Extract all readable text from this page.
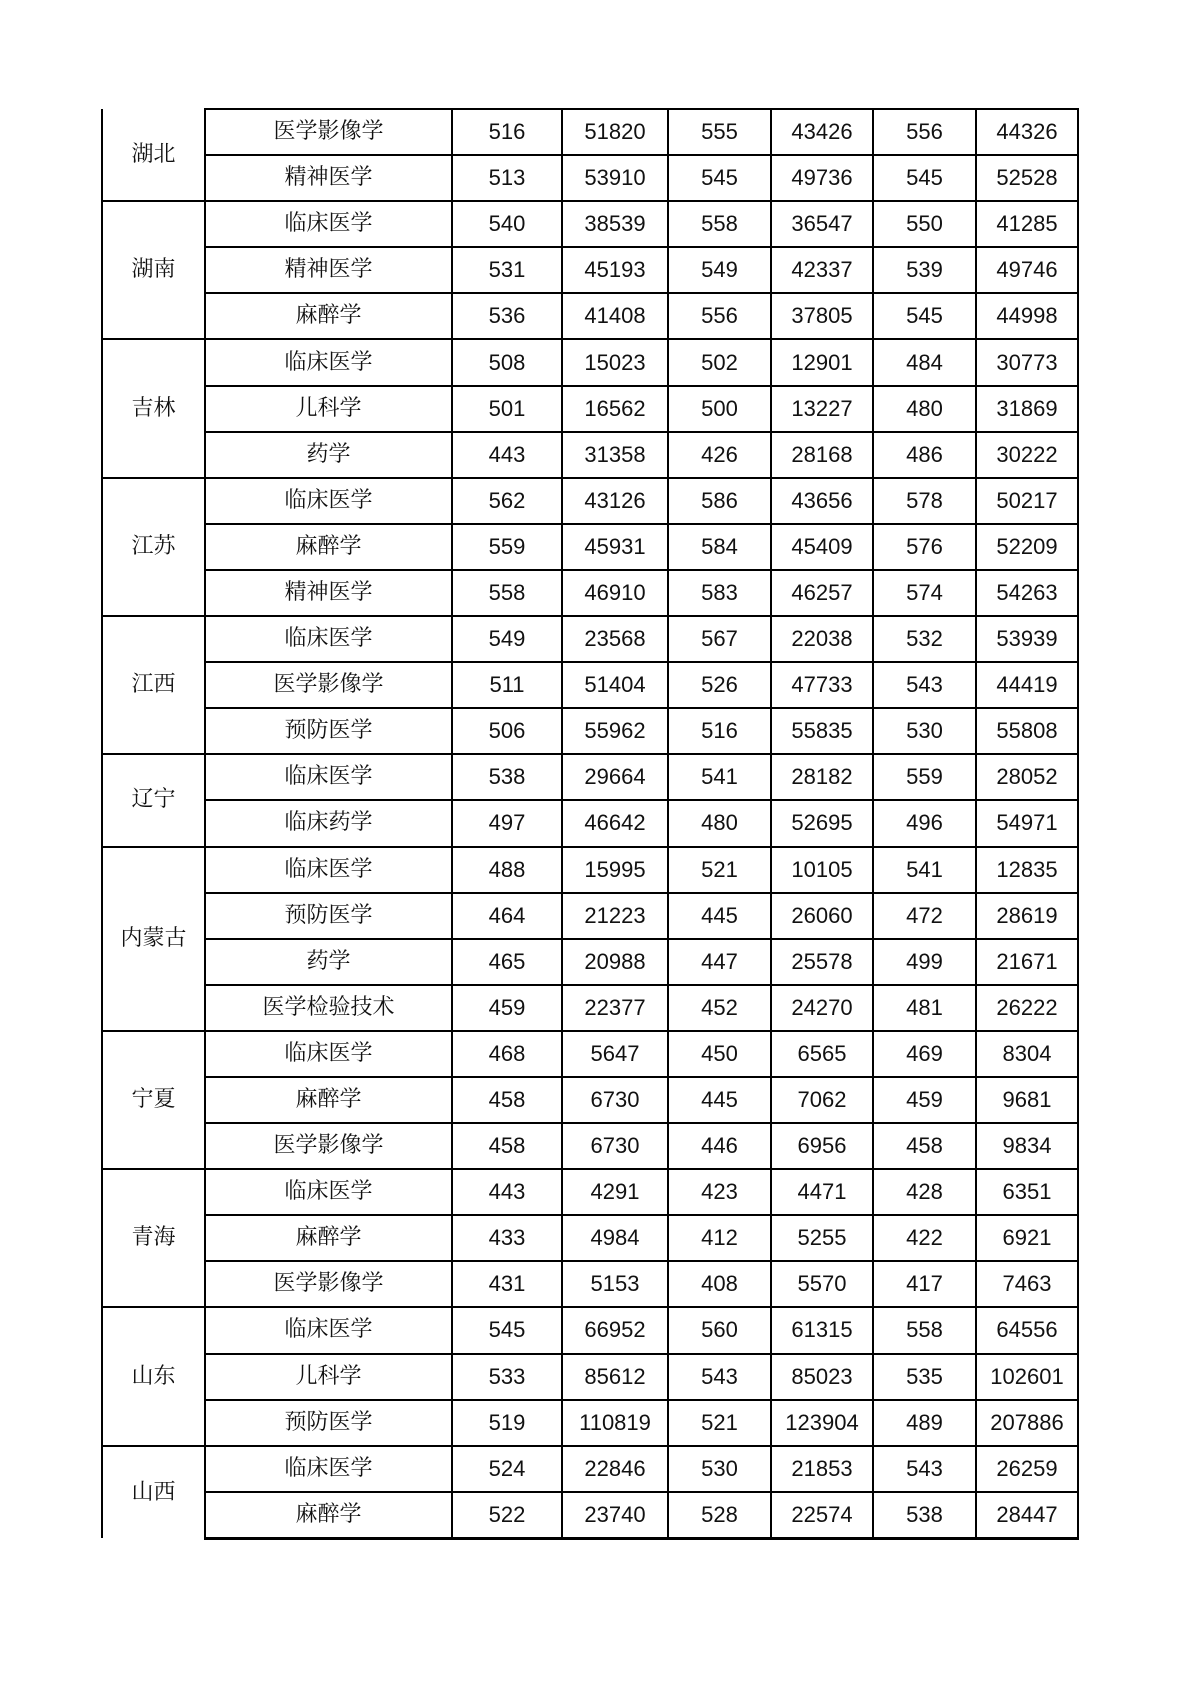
湖北	医学影像学	516	51820	555	43426	556	44326
	精神医学	513	53910	545	49736	545	52528
湖南	临床医学	540	38539	558	36547	550	41285
	精神医学	531	45193	549	42337	539	49746
	麻醉学	536	41408	556	37805	545	44998
吉林	临床医学	508	15023	502	12901	484	30773
	儿科学	501	16562	500	13227	480	31869
	药学	443	31358	426	28168	486	30222
江苏	临床医学	562	43126	586	43656	578	50217
	麻醉学	559	45931	584	45409	576	52209
	精神医学	558	46910	583	46257	574	54263
江西	临床医学	549	23568	567	22038	532	53939
	医学影像学	511	51404	526	47733	543	44419
	预防医学	506	55962	516	55835	530	55808
辽宁	临床医学	538	29664	541	28182	559	28052
	临床药学	497	46642	480	52695	496	54971
内蒙古	临床医学	488	15995	521	10105	541	12835
	预防医学	464	21223	445	26060	472	28619
	药学	465	20988	447	25578	499	21671
	医学检验技术	459	22377	452	24270	481	26222
宁夏	临床医学	468	5647	450	6565	469	8304
	麻醉学	458	6730	445	7062	459	9681
	医学影像学	458	6730	446	6956	458	9834
青海	临床医学	443	4291	423	4471	428	6351
	麻醉学	433	4984	412	5255	422	6921
	医学影像学	431	5153	408	5570	417	7463
山东	临床医学	545	66952	560	61315	558	64556
	儿科学	533	85612	543	85023	535	102601
	预防医学	519	110819	521	123904	489	207886
山西	临床医学	524	22846	530	21853	543	26259
	麻醉学	522	23740	528	22574	538	28447
